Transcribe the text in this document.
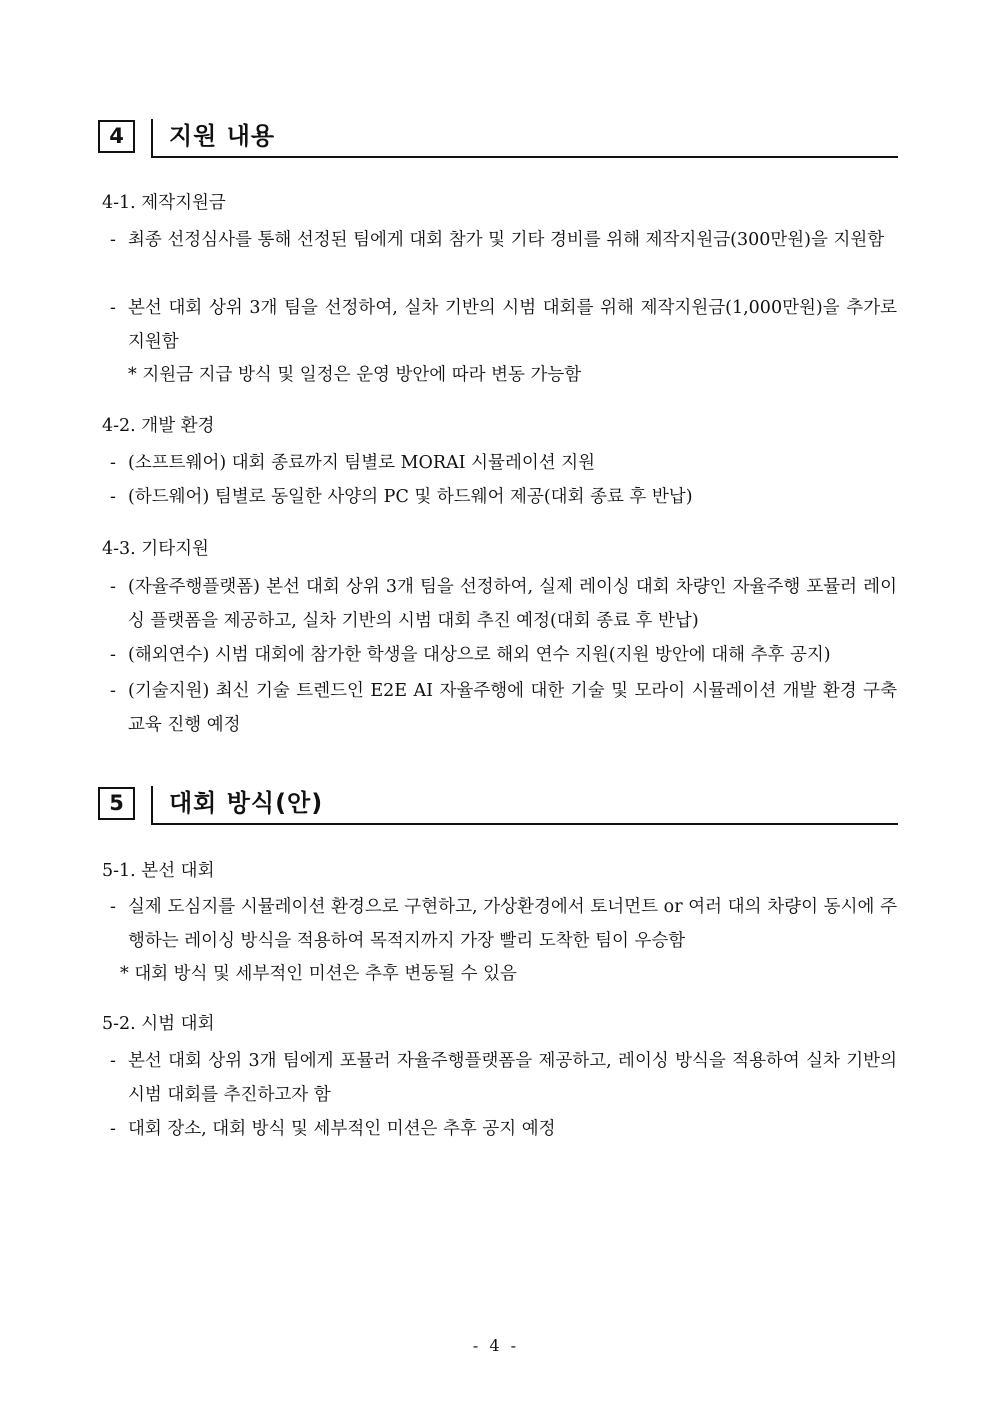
4	지원 내용
4-1. 제작지원금
- 최종 선정심사를 통해 선정된 팀에게 대회 참가 및 기타 경비를 위해 제작지원금(300만원)을 지원함
- 본선 대회 상위 3개 팀을 선정하여, 실차 기반의 시범 대회를 위해 제작지원금(1,000만원)을 추가로 지원함
* 지원금 지급 방식 및 일정은 운영 방안에 따라 변동 가능함
4-2. 개발 환경
- (소프트웨어) 대회 종료까지 팀별로 MORAI 시뮬레이션 지원
- (하드웨어) 팀별로 동일한 사양의 PC 및 하드웨어 제공(대회 종료 후 반납)
4-3. 기타지원
- (자율주행플랫폼) 본선 대회 상위 3개 팀을 선정하여, 실제 레이싱 대회 차량인 자율주행 포뮬러 레이싱 플랫폼을 제공하고, 실차 기반의 시범 대회 추진 예정(대회 종료 후 반납)
- (해외연수) 시범 대회에 참가한 학생을 대상으로 해외 연수 지원(지원 방안에 대해 추후 공지)
- (기술지원) 최신 기술 트렌드인 E2E AI 자율주행에 대한 기술 및 모라이 시뮬레이션 개발 환경 구축 교육 진행 예정
5	대회 방식(안)
5-1. 본선 대회
- 실제 도심지를 시뮬레이션 환경으로 구현하고, 가상환경에서 토너먼트 or 여러 대의 차량이 동시에 주행하는 레이싱 방식을 적용하여 목적지까지 가장 빨리 도착한 팀이 우승함
* 대회 방식 및 세부적인 미션은 추후 변동될 수 있음
5-2. 시범 대회
- 본선 대회 상위 3개 팀에게 포뮬러 자율주행플랫폼을 제공하고, 레이싱 방식을 적용하여 실차 기반의 시범 대회를 추진하고자 함
- 대회 장소, 대회 방식 및 세부적인 미션은 추후 공지 예정
- 4 -
